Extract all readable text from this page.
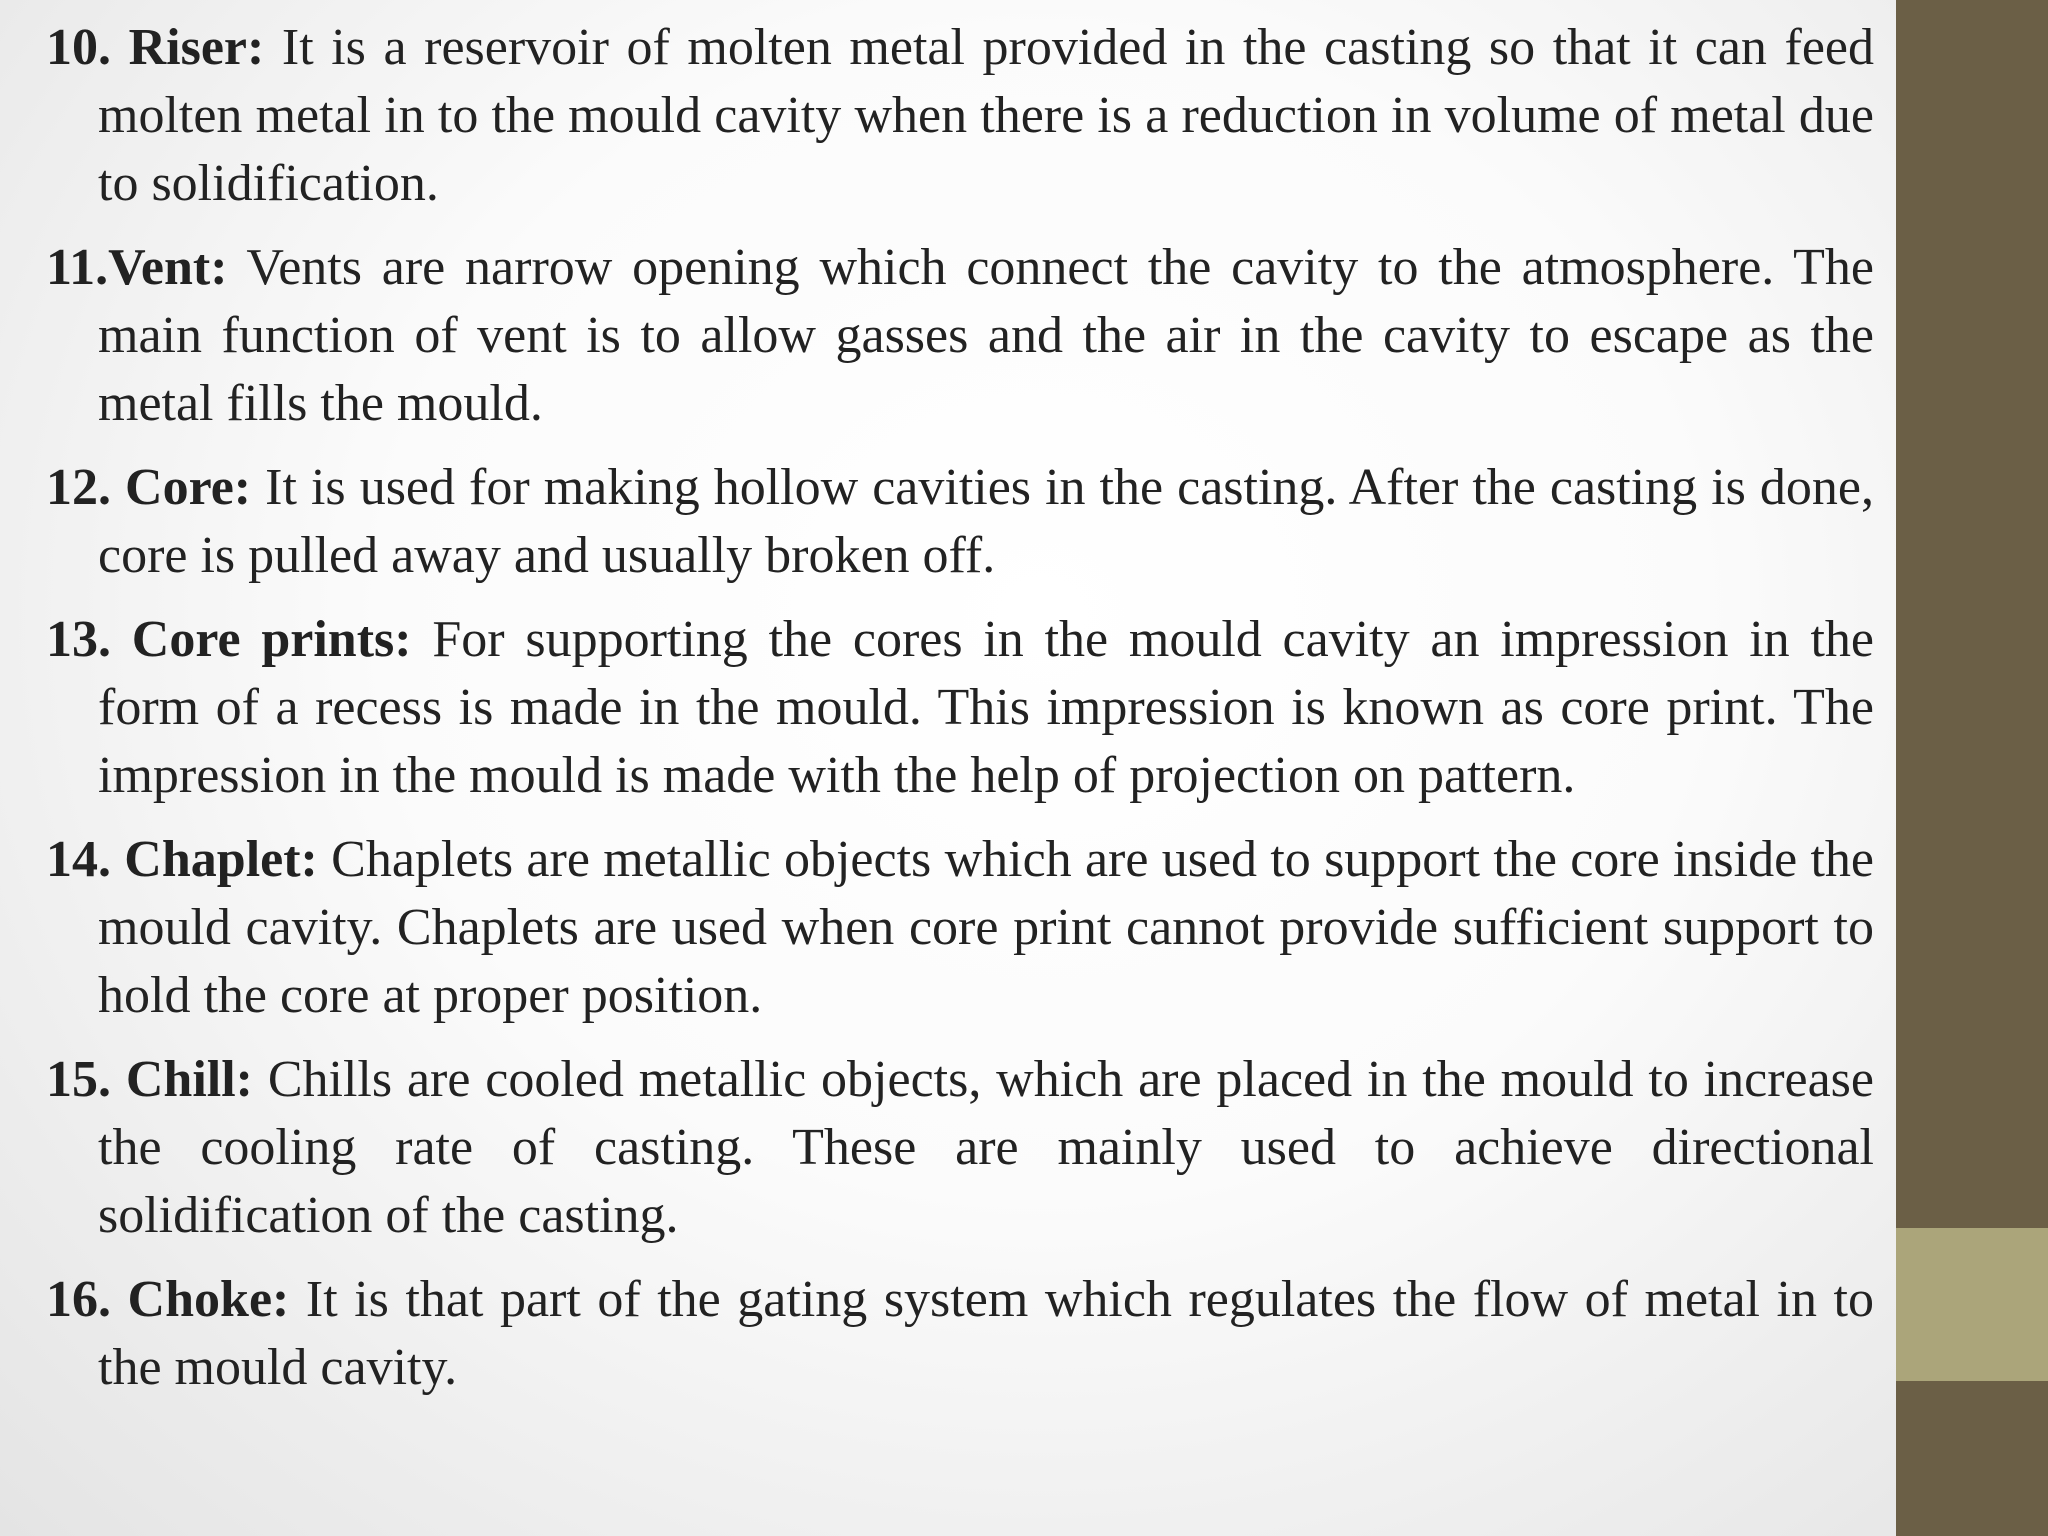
10. Riser: It is a reservoir of molten metal provided in the casting so that it can feed molten metal in to the mould cavity when there is a reduction in volume of metal due to solidification.

11.Vent: Vents are narrow opening which connect the cavity to the atmosphere. The main function of vent is to allow gasses and the air in the cavity to escape as the metal fills the mould.

12. Core: It is used for making hollow cavities in the casting. After the casting is done, core is pulled away and usually broken off.

13. Core prints: For supporting the cores in the mould cavity an impression in the form of a recess is made in the mould. This impression is known as core print. The impression in the mould is made with the help of projection on pattern.

14. Chaplet: Chaplets are metallic objects which are used to support the core inside the mould cavity. Chaplets are used when core print cannot provide sufficient support to hold the core at proper position.

15. Chill: Chills are cooled metallic objects, which are placed in the mould to increase the cooling rate of casting. These are mainly used to achieve directional solidification of the casting.

16. Choke: It is that part of the gating system which regulates the flow of metal in to the mould cavity.
